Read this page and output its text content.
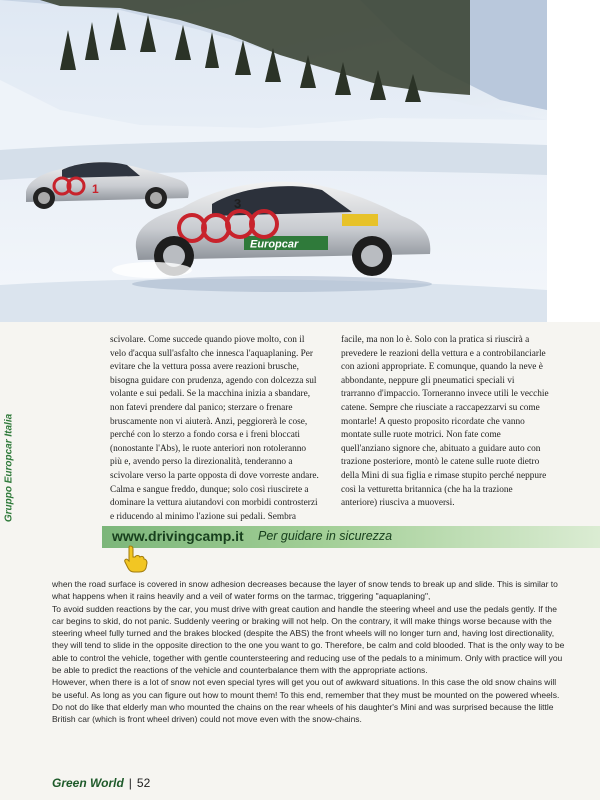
1
Europcar
3
Gruppo Europcar Italia
scivolare. Come succede quando piove molto, con il velo d'acqua sull'asfalto che innesca l'aquaplaning. Per evitare che la vettura possa avere reazioni brusche, bisogna guidare con prudenza, agendo con dolcezza sul volante e sui pedali. Se la macchina inizia a sbandare, non fatevi prendere dal panico; sterzare o frenare bruscamente non vi aiuterà. Anzi, peggiorerà le cose, perché con lo sterzo a fondo corsa e i freni bloccati (nonostante l'Abs), le ruote anteriori non rotoleranno più e, avendo perso la direzionalità, tenderanno a scivolare verso la parte opposta di dove vorreste andare. Calma e sangue freddo, dunque; solo così riuscirete a dominare la vettura aiutandovi con morbidi controsterzi e riducendo al minimo l'azione sui pedali. Sembra
facile, ma non lo è. Solo con la pratica si riuscirà a prevedere le reazioni della vettura e a controbilanciarle con azioni appropriate. E comunque, quando la neve è abbondante, neppure gli pneumatici speciali vi trarranno d'impaccio. Torneranno invece utili le vecchie catene. Sempre che riusciate a raccapezzarvi su come montarle! A questo proposito ricordate che vanno montate sulle ruote motrici. Non fate come quell'anziano signore che, abituato a guidare auto con trazione posteriore, montò le catene sulle ruote dietro della Mini di sua figlia e rimase stupito perché neppure così la vetturetta britannica (che ha la trazione anteriore) riusciva a muoversi.
www.drivingcamp.it Per guidare in sicurezza

when the road surface is covered in snow adhesion decreases because the layer of snow tends to break up and slide. This is similar to what happens when it rains heavily and a veil of water forms on the tarmac, triggering "aquaplaning",

To avoid sudden reactions by the car, you must drive with great caution and handle the steering wheel and use the pedals gently. If the car begins to skid, do not panic. Suddenly veering or braking will not help. On the contrary, it will make things worse because with the steering wheel fully turned and the brakes blocked (despite the ABS) the front wheels will no longer turn and, having lost directionality, they will tend to slide in the opposite direction to the one you want to go. Therefore, be calm and cold blooded. That is the only way to be able to control the vehicle, together with gentle countersteering and reducing use of the pedals to a minimum. Only with practice will you be able to predict the reactions of the vehicle and counterbalance them with the appropriate actions.

However, when there is a lot of snow not even special tyres will get you out of awkward situations. In this case the old snow chains will be useful. As long as you can figure out how to mount them! To this end, remember that they must be mounted on the powered wheels. Do not do like that elderly man who mounted the chains on the rear wheels of his daughter's Mini and was surprised because the little British car (which is front wheel driven) could not move even with the snow-chains.

Green World | 52
